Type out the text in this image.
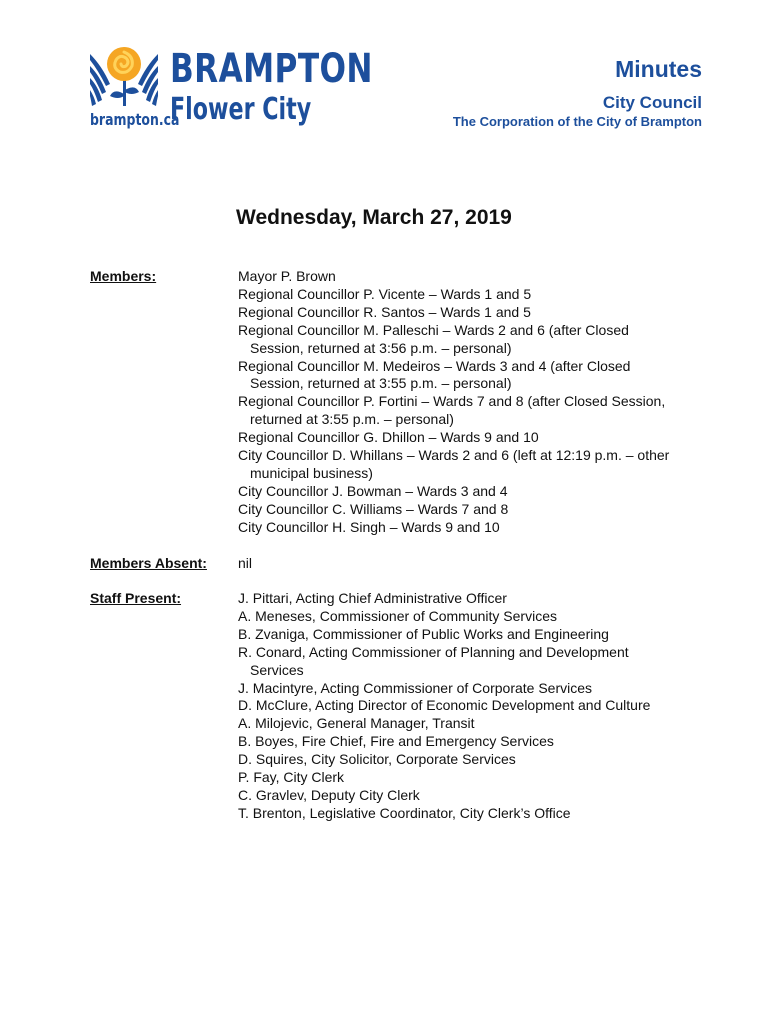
BRAMPTON
Flower City
brampton.ca
Minutes
City Council
The Corporation of the City of Brampton
Wednesday, March 27, 2019
Members:	Mayor P. Brown
Regional Councillor P. Vicente – Wards 1 and 5
Regional Councillor R. Santos – Wards 1 and 5
Regional Councillor M. Palleschi – Wards 2 and 6 (after Closed Session, returned at 3:56 p.m. – personal)
Regional Councillor M. Medeiros – Wards 3 and 4 (after Closed Session, returned at 3:55 p.m. – personal)
Regional Councillor P. Fortini – Wards 7 and 8 (after Closed Session, returned at 3:55 p.m. – personal)
Regional Councillor G. Dhillon – Wards 9 and 10
City Councillor D. Whillans – Wards 2 and 6 (left at 12:19 p.m. – other municipal business)
City Councillor J. Bowman – Wards 3 and 4
City Councillor C. Williams – Wards 7 and 8
City Councillor H. Singh – Wards 9 and 10
Members Absent: nil
Staff Present:	J. Pittari, Acting Chief Administrative Officer
A. Meneses, Commissioner of Community Services
B. Zvaniga, Commissioner of Public Works and Engineering
R. Conard, Acting Commissioner of Planning and Development Services
J. Macintyre, Acting Commissioner of Corporate Services
D. McClure, Acting Director of Economic Development and Culture
A. Milojevic, General Manager, Transit
B. Boyes, Fire Chief, Fire and Emergency Services
D. Squires, City Solicitor, Corporate Services
P. Fay, City Clerk
C. Gravlev, Deputy City Clerk
T. Brenton, Legislative Coordinator, City Clerk’s Office
